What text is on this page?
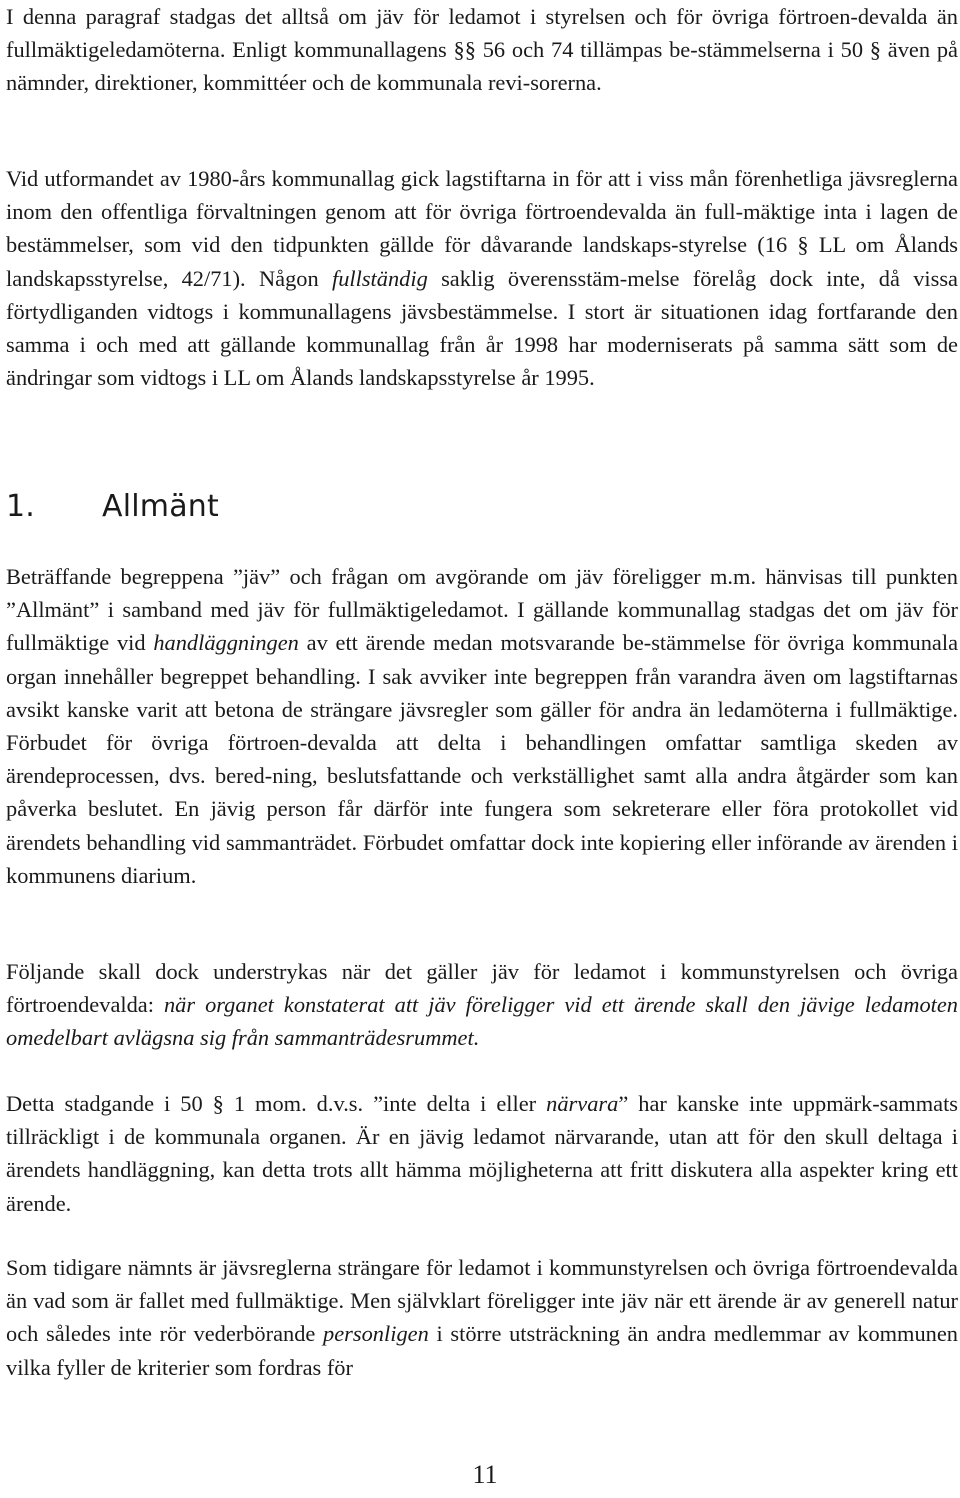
I denna paragraf stadgas det alltså om jäv för ledamot i styrelsen och för övriga förtroen-devalda än fullmäktigeledamöterna. Enligt kommunallagens §§ 56 och 74 tillämpas be-stämmelserna i 50 § även på nämnder, direktioner, kommittéer och de kommunala revi-sorerna.

Vid utformandet av 1980-års kommunallag gick lagstiftarna in för att i viss mån förenhetliga jävsreglerna inom den offentliga förvaltningen genom att för övriga förtroendevalda än full-mäktige inta i lagen de bestämmelser, som vid den tidpunkten gällde för dåvarande landskaps-styrelse (16 § LL om Ålands landskapsstyrelse, 42/71). Någon fullständig saklig överensstäm-melse förelåg dock inte, då vissa förtydliganden vidtogs i kommunallagens jävsbestämmelse. I stort är situationen idag fortfarande den samma i och med att gällande kommunallag från år 1998 har moderniserats på samma sätt som de ändringar som vidtogs i LL om Ålands landskapsstyrelse år 1995.

1. Allmänt

Beträffande begreppena ”jäv” och frågan om avgörande om jäv föreligger m.m. hänvisas till punkten ”Allmänt” i samband med jäv för fullmäktigeledamot. I gällande kommunallag stadgas det om jäv för fullmäktige vid handläggningen av ett ärende medan motsvarande be-stämmelse för övriga kommunala organ innehåller begreppet behandling. I sak avviker inte begreppen från varandra även om lagstiftarnas avsikt kanske varit att betona de strängare jävsregler som gäller för andra än ledamöterna i fullmäktige. Förbudet för övriga förtroen-devalda att delta i behandlingen omfattar samtliga skeden av ärendeprocessen, dvs. bered-ning, beslutsfattande och verkställighet samt alla andra åtgärder som kan påverka beslutet. En jävig person får därför inte fungera som sekreterare eller föra protokollet vid ärendets behandling vid sammanträdet. Förbudet omfattar dock inte kopiering eller införande av ärenden i kommunens diarium.

Följande skall dock understrykas när det gäller jäv för ledamot i kommunstyrelsen och övriga förtroendevalda: när organet konstaterat att jäv föreligger vid ett ärende skall den jävige ledamoten omedelbart avlägsna sig från sammanträdesrummet.

Detta stadgande i 50 § 1 mom. d.v.s. ”inte delta i eller närvara” har kanske inte uppmärk-sammats tillräckligt i de kommunala organen. Är en jävig ledamot närvarande, utan att för den skull deltaga i ärendets handläggning, kan detta trots allt hämma möjligheterna att fritt diskutera alla aspekter kring ett ärende.

Som tidigare nämnts är jävsreglerna strängare för ledamot i kommunstyrelsen och övriga förtroendevalda än vad som är fallet med fullmäktige. Men självklart föreligger inte jäv när ett ärende är av generell natur och således inte rör vederbörande personligen i större utsträckning än andra medlemmar av kommunen vilka fyller de kriterier som fordras för

11
